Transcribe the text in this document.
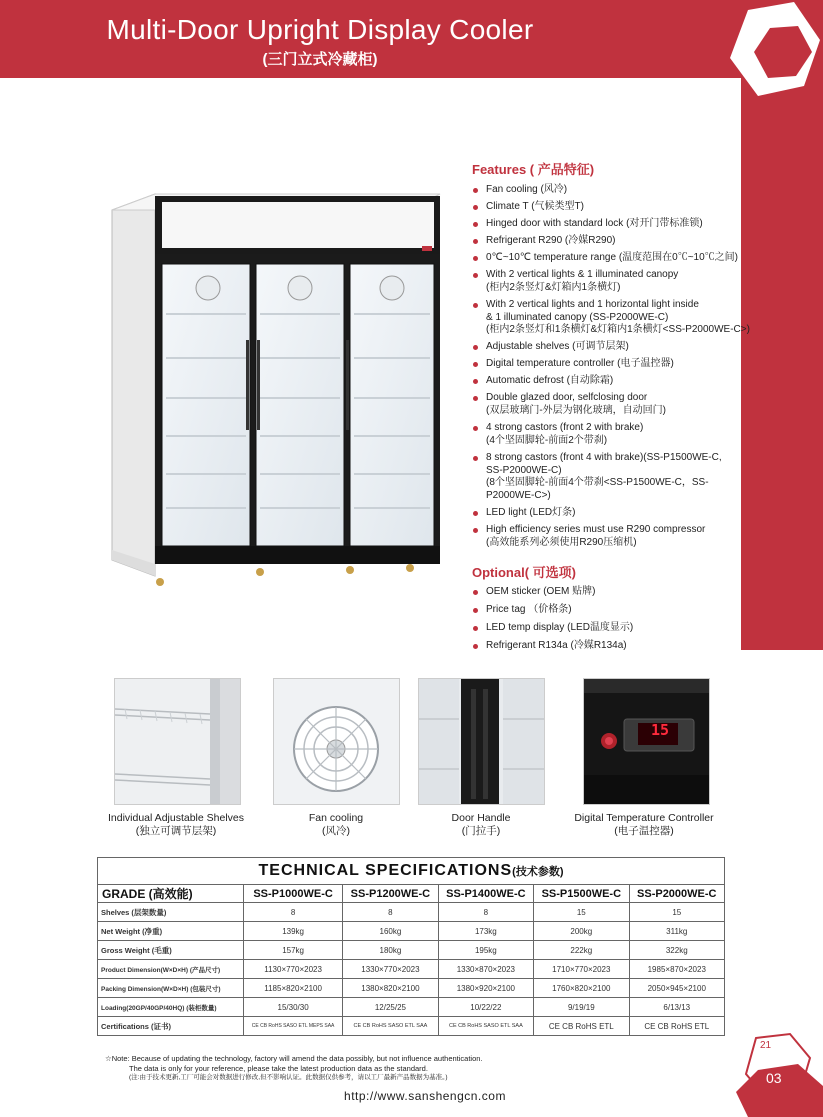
Multi-Door Upright Display Cooler
(三门立式冷藏柜)
Features ( 产品特征)
Fan cooling (风冷)
Climate T (气候类型T)
Hinged door with standard lock (对开门带标准锁)
Refrigerant R290 (冷媒R290)
0℃~10℃ temperature range (温度范围在0℃~10℃之间)
With 2 vertical lights & 1 illuminated canopy
(柜内2条竖灯&灯箱内1条横灯)
With 2 vertical lights and 1 horizontal light inside
& 1 illuminated canopy (SS-P2000WE-C)
(柜内2条竖灯和1条横灯&灯箱内1条横灯<SS-P2000WE-C>)
Adjustable shelves (可调节层架)
Digital temperature controller (电子温控器)
Automatic defrost (自动除霜)
Double glazed door, selfclosing door
(双层玻璃门-外层为钢化玻璃，自动回门)
4 strong castors (front 2 with brake)
(4个坚固脚轮-前面2个带刹)
8 strong castors (front 4 with brake)(SS-P1500WE-C,
SS-P2000WE-C)
(8个坚固脚轮-前面4个带刹<SS-P1500WE-C，SS-P2000WE-C>)
LED light (LED灯条)
High efficiency series must use R290 compressor
(高效能系列必须使用R290压缩机)
Optional( 可选项)
OEM sticker (OEM 贴牌)
Price tag （价格条)
LED temp display (LED温度显示)
Refrigerant R134a (冷媒R134a)
15
Individual Adjustable Shelves
(独立可调节层架)
Fan cooling
(风冷)
Door Handle
(门拉手)
Digital Temperature Controller
(电子温控器)
TECHNICAL SPECIFICATIONS(技术参数)					
GRADE (高效能)	SS-P1000WE-C	SS-P1200WE-C	SS-P1400WE-C	SS-P1500WE-C	SS-P2000WE-C
Shelves (层架数量)	8	8	8	15	15
Net Weight (净重)	139kg	160kg	173kg	200kg	311kg
Gross Weight (毛重)	157kg	180kg	195kg	222kg	322kg
Product Dimension(W×D×H) (产品尺寸)	1130×770×2023	1330×770×2023	1330×870×2023	1710×770×2023	1985×870×2023
Packing Dimension(W×D×H) (包装尺寸)	1185×820×2100	1380×820×2100	1380×920×2100	1760×820×2100	2050×945×2100
Loading(20GP/40GP/40HQ) (装柜数量)	15/30/30	12/25/25	10/22/22	9/19/19	6/13/13
Certifications (证书)	CE CB RoHS SASO ETL MEPS SAA	CE CB RoHS SASO ETL SAA	CE CB RoHS SASO ETL SAA	CE CB RoHS ETL	CE CB RoHS ETL
☆Note: Because of updating the technology, factory will amend the data possibly, but not influence authentication.
The data is only for your reference, please take the latest production data as the standard.
(注:由于技术更新,工厂可能会对数据进行修改,但不影响认证。此数据仅供参考，请以工厂最新产品数据为基准。)
http://www.sanshengcn.com
21
03
